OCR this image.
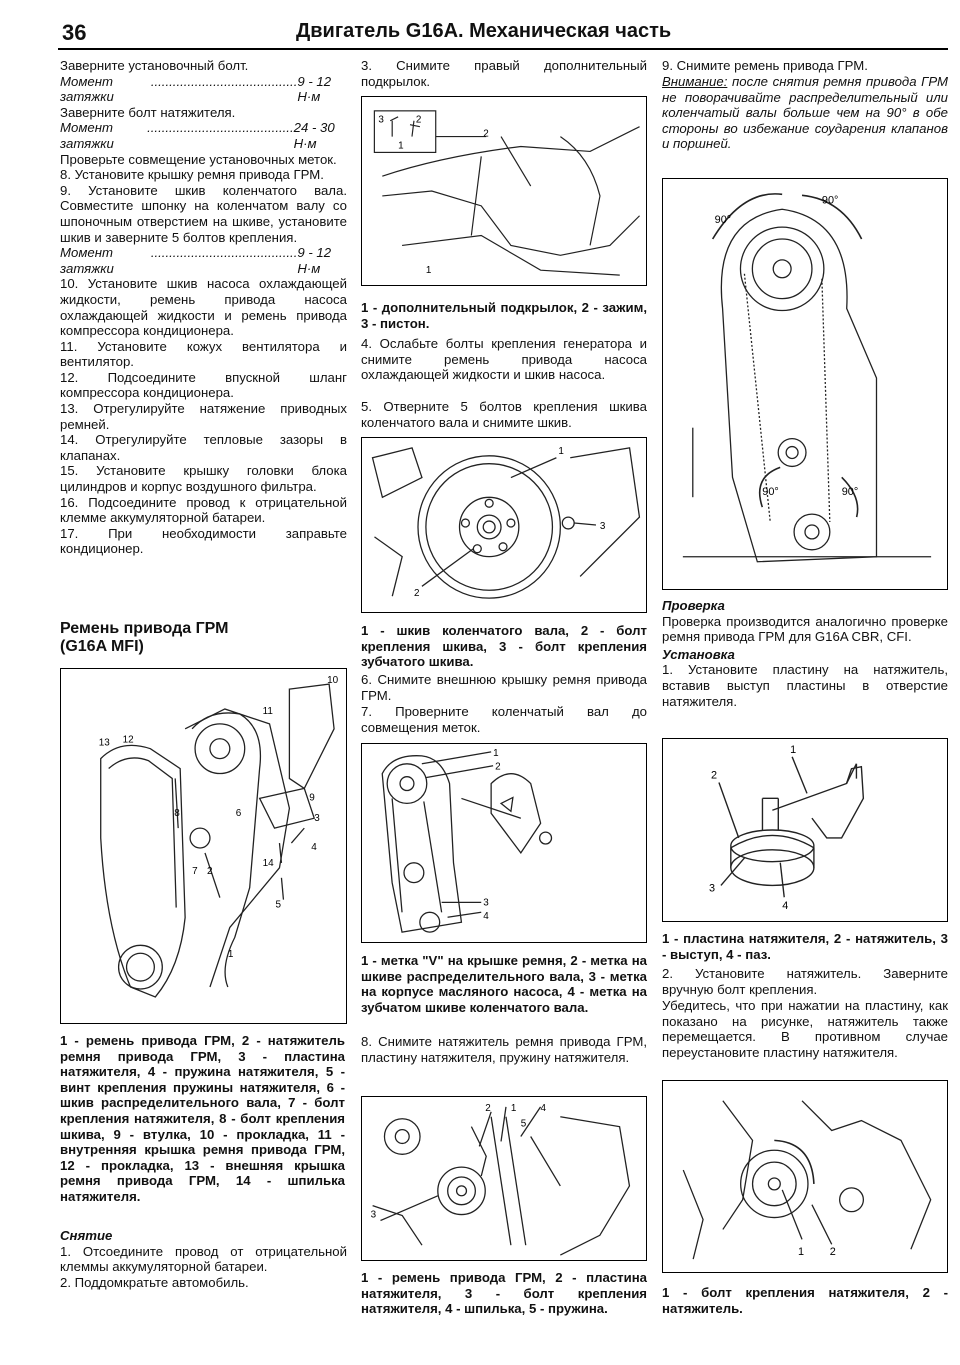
36	Двигатель G16A. Механическая часть

Заверните установочный болт.

Момент затяжки
........................................ 9 - 12 Н·м

Заверните болт натяжителя.

Момент затяжки
........................................ 24 - 30 Н·м

Проверьте совмещение установочных меток.

8. Установите крышку ремня привода ГРМ.

9. Установите шкив коленчатого вала. Совместите шпонку на коленчатом валу со шпоночным отверстием на шкиве, установите шкив и заверните 5 болтов крепления.

Момент затяжки
........................................ 9 - 12 Н·м

10. Установите шкив насоса охлаждающей жидкости, ремень привода насоса охлаждающей жидкости и ремень привода компрессора кондиционера.

11. Установите кожух вентилятора и вентилятор.

12. Подсоедините впускной шланг компрессора кондиционера.

13. Отрегулируйте натяжение приводных ремней.

14. Отрегулируйте тепловые зазоры в клапанах.

15. Установите крышку головки блока цилиндров и корпус воздушного фильтра.

16. Подсоедините провод к отрицательной клемме аккумуляторной батареи.

17. При необходимости заправьте кондиционер.

Ремень привода ГРМ (G16A MFI)
10
11
13 12
9
3
8	6
4
7 2
14
5
1
1 - ремень привода ГРМ, 2 - натяжитель ремня привода ГРМ, 3 - пластина натяжителя, 4 - пружина натяжителя, 5 - винт крепления пружины натяжителя, 6 - шкив распределительного вала, 7 - болт крепления натяжителя, 8 - болт крепления шкива, 9 - втулка, 10 - прокладка, 11 - внутренняя крышка ремня привода ГРМ, 12 - прокладка, 13 - внешняя крышка ремня привода ГРМ, 14 - шпилька натяжителя.

Снятие

1. Отсоедините провод от отрицательной клеммы аккумуляторной батареи.

2. Поддомкратьте автомобиль.

3. Снимите правый дополнительный подкрылок.
3	2
1
2
1
1 - дополнительный подкрылок, 2 - зажим, 3 - пистон.
4. Ослабьте болты крепления генератора и снимите ремень привода насоса охлаждающей жидкости и шкив насоса.
5. Отверните 5 болтов крепления шкива коленчатого вала и снимите шкив.
1
3
2
1 - шкив коленчатого вала, 2 - болт крепления шкива, 3 - болт крепления зубчатого шкива.
6. Снимите внешнюю крышку ремня привода ГРМ.
7. Проверните коленчатый вал до совмещения меток.
1
2
3
4
1 - метка "V" на крышке ремня, 2 - метка на шкиве распределительного вала, 3 - метка на корпусе масляного насоса, 4 - метка на зубчатом шкиве коленчатого вала.
8. Снимите натяжитель ремня привода ГРМ, пластину натяжителя, пружину натяжителя.
2 1 4
5
3
1 - ремень привода ГРМ, 2 - пластина натяжителя, 3 - болт крепления натяжителя, 4 - шпилька, 5 - пружина.
9. Снимите ремень привода ГРМ.
Внимание: после снятия ремня привода ГРМ не поворачивайте распределительный или коленчатый валы больше чем на 90° в обе стороны во избежание соударения клапанов и поршней.
90°
90°
90°	90°

Проверка

Проверка производится аналогично проверке ремня привода ГРМ для G16A CBR, CFI.

Установка

1. Установите пластину на натяжитель, вставив выступ пластины в отверстие натяжителя.

1
2
3
4
1 - пластина натяжителя, 2 - натяжитель, 3 - выступ, 4 - паз.
2. Установите натяжитель. Заверните вручную болт крепления.
Убедитесь, что при нажатии на пластину, как показано на рисунке, натяжитель также перемещается. В противном случае переустановите пластину натяжителя.
1 2
1 - болт крепления натяжителя, 2 - натяжитель.
